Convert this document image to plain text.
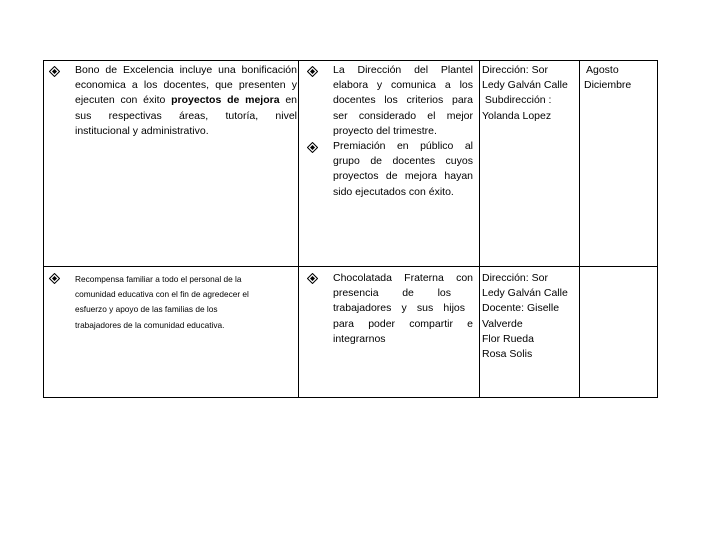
Bono de Excelencia incluye una bonificación
economica a los docentes, que presenten y
ejecuten con éxito proyectos de mejora en
sus respectivas áreas, tutoría, nivel
institucional y administrativo.
La Dirección del Plantel
elabora y comunica a los
docentes los criterios para
ser considerado el mejor
proyecto del trimestre.
Premiación en público al
grupo de docentes cuyos
proyectos de mejora hayan
sido ejecutados con éxito.
Dirección: Sor
Ledy Galván Calle
Subdirección :
Yolanda Lopez
Agosto
Diciembre
Recompensa familiar a todo el personal de la
comunidad educativa con el fin de agredecer el
esfuerzo y apoyo de las familias de los
trabajadores de la comunidad educativa.
Chocolatada Fraterna con
presencia de los
trabajadores y sus hijos
para poder compartir e
integrarnos
Dirección: Sor
Ledy Galván Calle
Docente: Giselle
Valverde
Flor Rueda
Rosa Solis
